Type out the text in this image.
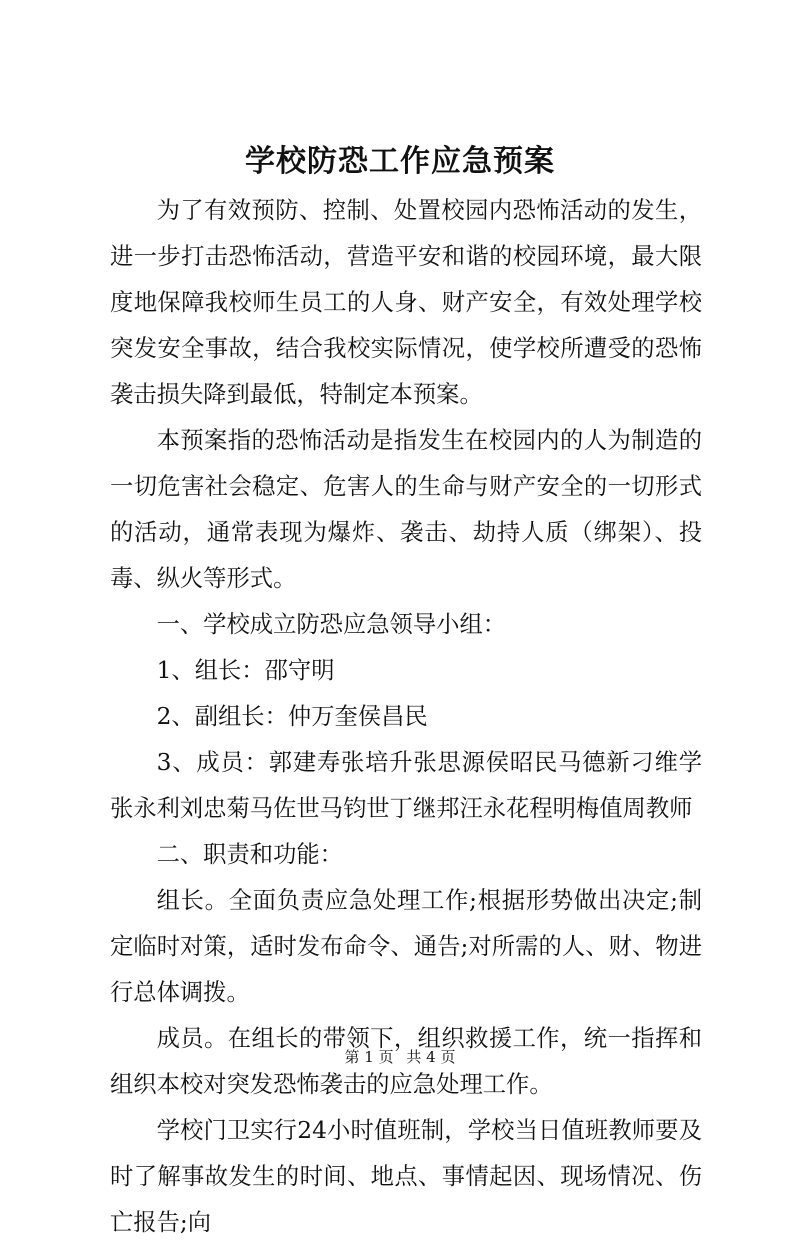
学校防恐工作应急预案

为了有效预防、控制、处置校园内恐怖活动的发生，进一步打击恐怖活动，营造平安和谐的校园环境，最大限度地保障我校师生员工的人身、财产安全，有效处理学校突发安全事故，结合我校实际情况，使学校所遭受的恐怖袭击损失降到最低，特制定本预案。

本预案指的恐怖活动是指发生在校园内的人为制造的一切危害社会稳定、危害人的生命与财产安全的一切形式的活动，通常表现为爆炸、袭击、劫持人质（绑架）、投毒、纵火等形式。

一、学校成立防恐应急领导小组：

1、组长：邵守明

2、副组长：仲万奎侯昌民

3、成员：郭建寿张培升张思源侯昭民马德新刁维学张永利刘忠菊马佐世马钧世丁继邦汪永花程明梅值周教师

二、职责和功能：

组长。全面负责应急处理工作;根据形势做出决定;制定临时对策，适时发布命令、通告;对所需的人、财、物进行总体调拨。

成员。在组长的带领下，组织救援工作，统一指挥和组织本校对突发恐怖袭击的应急处理工作。

学校门卫实行24小时值班制，学校当日值班教师要及时了解事故发生的时间、地点、事情起因、现场情况、伤亡报告;向

第 1 页 共 4 页
